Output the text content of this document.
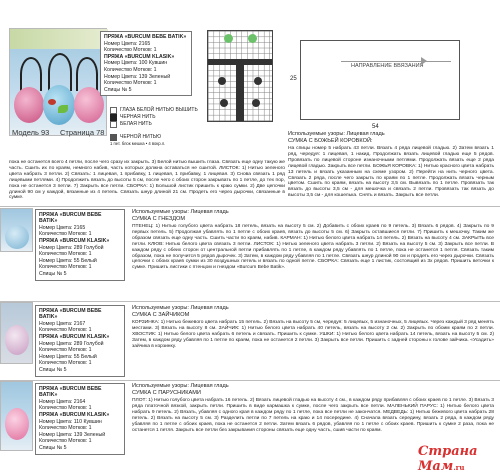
Модель 93 Страница 78
ПРЯЖА «BURCUM BEBE BATIK»
Номер Цвета: 2165
Количество Мотков: 1
ПРЯЖА «BURCUM KLASIK»
Номер Цвета: 100 Кувшин
Количество Мотков: 1
Номер Цвета: 139 Зеленый
Количество Мотков: 1
Спицы № 5
ГЛАЗА БЕЛОЙ НИТЬЮ ВЫШИТЬ
ЧЕРНАЯ НИТЬ
БЕЛАЯ НИТЬ
ЧЕРНОЙ НИТЬЮ
1 пет. блок мешка • 4 вокр.л.
НАПРАВЛЕНИЕ ВВЯЗАНИЯ
25
54
Используемые узоры: Лицевая гладь
СУМКА С БОЖЬЕЙ КОРОВКОЙ:
На спицы номер 5 набрать 43 петли. Вязать 4 ряда лицевой гладью. 2) Затем вязать 1 ряд, чередуя: 1 лицевая, 1 накид. Продолжать вязать лицевой гладью еще 5 рядов. Провязать по лицевой стороне изнаночными петлями. Продолжать вязать еще 2 ряда лицевой гладью. Закрыть все петли. БОЖЬЯ КОРОВКА: 1) Нитью красного цвета набрать 13 петель и вязать указанным на схеме узором. 2) Перейти на нить черного цвета. Связать 2 ряда, после чего закрыть по краям по 1 петле. Продолжать вязать черным цветом. Сшить по краям, вязать на высоту 3,5 см. Вывязать по 1 петле. Провязать так вязать до высоты 3,5 см - для мешочка и связать 2 петли. Провязать так вязать до высоты 3,5 см - для кошелька. Снять и вязать. Закрыть все петли.
пока не останется всего 4 петли, после чего сразу их закрыть. 3) Белой нитью вышить глаза. Связать еще одну такую же часть. Сшить их по краям, немного набив, часть которых должна оставаться не сшитой. ЛИСТОК: 1) Нитью зеленого цвета набрать 3 петли. 2) Связать: 1 лицевая, 1 прибавку, 1 лицевая, 1 прибавку, 1 лицевая. 3) Снова связать 1 ряд лицевыми петлями. 4) Продолжить вязать до высоты 5 см, после чего с обоих сторон закрывать по 1 петле, до тех пор, пока не останется 3 петли. 7) Закрыть все петли. СБОРКА: 1) Большой листик пришить к краю сумки. 2) Две цепочки длиной 90 см у каждой, вязанные из 4 петель. Связать шнур длиной 21 см. Продеть его через дырочки, связанные в сумке.
ПРЯЖА «BURCUM BEBE BATIK»
Номер Цвета: 2165
Количество Мотков: 1
ПРЯЖА «BURCUM KLASIK»
Номер Цвета: 289 Голубой
Количество Мотков: 1
Номер Цвета: 55 Белый
Количество Мотков: 1
Спицы № 5
Используемые узоры: Лицевая гладь
СУМКА С ГНЕЗДОМ
ПТЕНЕЦ: 1) Нитью голубого цвета набрать 18 петель, вязать на высоту 5 см. 2) Добавить с обоих краев по 9 петель. 3) Вязать 6 рядов. 4) Закрыть по 9 первых петель. 5) Продолжая убавлять по 1 петле с обоих краев, вязать до высоты 5 см. 6) Закрыть оставшиеся петли. 7) Пришить к мешочку. Таким же образом связать еще одну часть. Сшить части по краям, набив. КАРМАН: 1) Нитью белого цвета набрать 14 петель. 2) Вязать на высоту 4 см. ЗАКРЫТЬ все петли. КЛЮВ: Нитью белого цвета связать 3 петли. ЛИСТОК: 1) Нитью зеленого цвета набрать 3 петли. 2) Вязать на высоту 5 см. 3) Закрыть все петли. В каждом ряду с обеих сторон от центральной петли прибавлять по 1 петле, в каждом ряду убавлять по 1 петле, пока не останется 1 петля. Связать таким образом, пока не получится 5 рядов дырочек. 3) Затем, в каждом ряду убавляя по 1 петле. Связать шнур длиной 90 см и продеть его через дырочки. Связать цепочки с обоих краев сумки из 30 воздушных петель и вязать по одной петле. СБОРКА: Связать еще 1 листик, состоящий из 3х рядов. Пришить веточки к сумке. Пришить листики с птенцом и гнездом «Burcum Bebe Batik».
ПРЯЖА «BURCUM BEBE BATIK»
Номер Цвета: 2167
Количество Мотков: 1
ПРЯЖА «BURCUM KLASIK»
Номер Цвета: 289 Голубой
Количество Мотков: 1
Номер Цвета: 55 Белый
Количество Мотков: 1
Спицы № 5
Используемые узоры: Лицевая гладь
СУМКА С ЗАЙЧИКОМ
КОРЗИНКА: 1) Нитью бежевого цвета набрать 15 петель. 2) Вязать на высоту 5 см, чередуя: 5 лицевых, 5 изнаночных, 5 лицевых. Через каждый 3 ряд менять местами. 3) Вязать на высоту 8 см. ЗАЙЧИК: 1) Нитью белого цвета набрать 40 петель, вязать на высоту 2 см. 2) Закрыть по обоим краям по 2 петли. ХВОСТИК: 1) Нитью белого цвета набрать 6 петель и связать. Пришить к сумке. УШКИ: 1) Нитью белого цвета набрать 14 петель, вязать на высоту 5 см. 2) Затем, в каждом ряду убавляя по 1 петле по краям, пока не останется 2 петли. 3) Закрыть все петли. Пришить с задней стороны к голове зайчика. «Усадить» зайчика в корзинку.
ПРЯЖА «BURCUM BEBE BATIK»
Номер Цвета: 2164
Количество Мотков: 1
ПРЯЖА «BURCUM KLASIK»
Номер Цвета: 110 Кувшин
Количество Мотков: 1
Номер Цвета: 139 Зеленый
Количество Мотков: 1
Спицы № 5
Используемые узоры: Лицевая гладь
СУМКА С ПАРУСНИКАМИ
ПЛОТ: 1) Нитью голубого цвета набрать 16 петель. 2) Вязать лицевой гладью на высоту 4 см., в каждом ряду прибавляя с обоих краев по 1 петле. 3) Вязать 3 ряда платочной вязкой, закрыть петли. Пришить в виде кармашка к сумке, после чего закрыть все петли. МАЛЕНЬКИЙ ПАРУС: 1) Нитью белого цвета набрать 9 петель. 2) Вязать, убавляя с одного края в каждом ряду по 1 петле, пока все петли не закончатся. МЕДВЕДЬ: 1) Нитью бежевого цвета набрать 28 петель. 2) Вязать на высоту 5 см. 3) Разделить петли по 7 петель на краю и 14 посередине. 4) Сначала вязать середину, вязать 2 ряда, в каждом ряду убавляя по 1 петле с обоих краев, пока не останется 2 петли. Затем вязать 6 рядов, убавляя по 1 петле с обоих краев. Пришить к сумке 2 раза, пока не останется 1 петля. Закрыть все петли без закрывания стороны связать еще одну часть, сшив части по краям.
Страна Мам.ru
